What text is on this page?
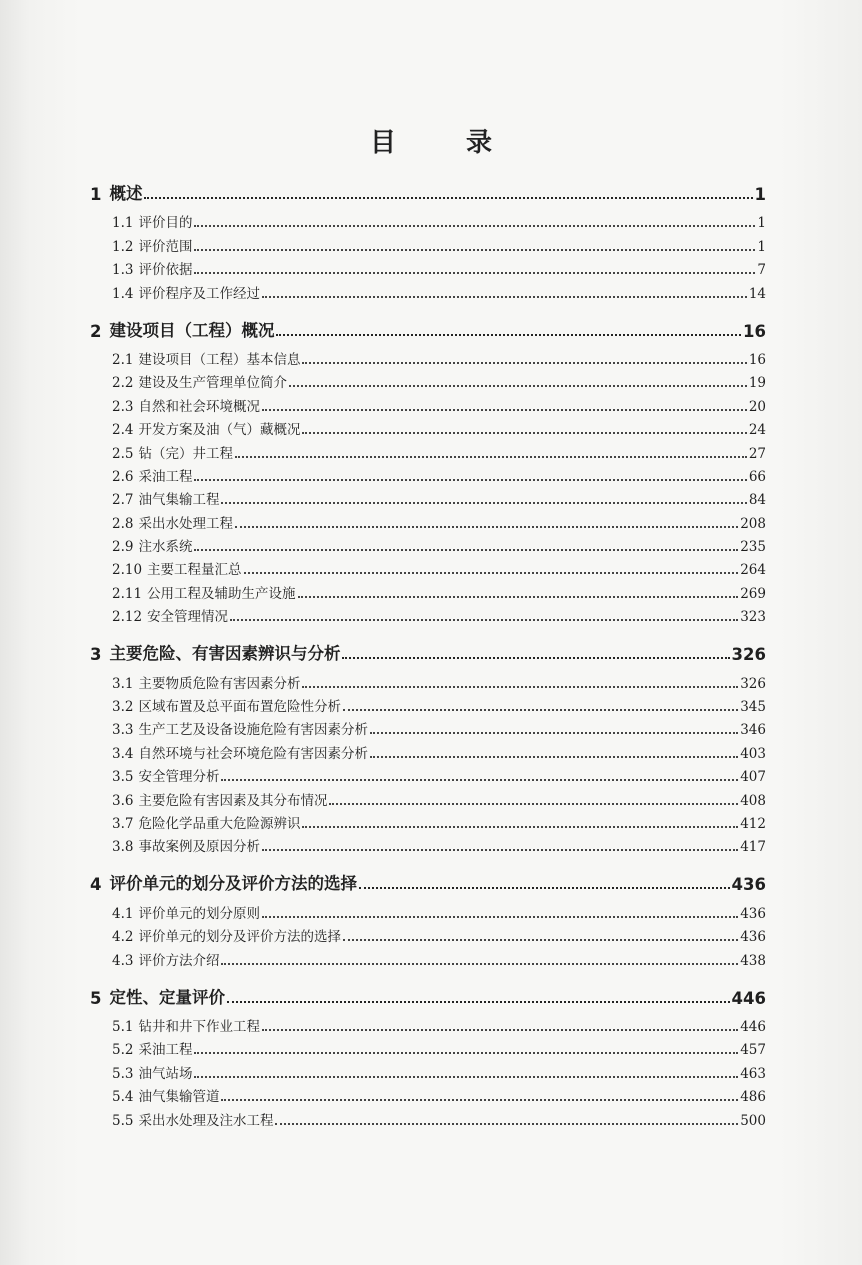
目　录
1 概述	1
1.1 评价目的	1
1.2 评价范围	1
1.3 评价依据	7
1.4 评价程序及工作经过	14
2 建设项目（工程）概况	16
2.1 建设项目（工程）基本信息	16
2.2 建设及生产管理单位简介	19
2.3 自然和社会环境概况	20
2.4 开发方案及油（气）藏概况	24
2.5 钻（完）井工程	27
2.6 采油工程	66
2.7 油气集输工程	84
2.8 采出水处理工程	208
2.9 注水系统	235
2.10 主要工程量汇总	264
2.11 公用工程及辅助生产设施	269
2.12 安全管理情况	323
3 主要危险、有害因素辨识与分析	326
3.1 主要物质危险有害因素分析	326
3.2 区域布置及总平面布置危险性分析	345
3.3 生产工艺及设备设施危险有害因素分析	346
3.4 自然环境与社会环境危险有害因素分析	403
3.5 安全管理分析	407
3.6 主要危险有害因素及其分布情况	408
3.7 危险化学品重大危险源辨识	412
3.8 事故案例及原因分析	417
4 评价单元的划分及评价方法的选择	436
4.1 评价单元的划分原则	436
4.2 评价单元的划分及评价方法的选择	436
4.3 评价方法介绍	438
5 定性、定量评价	446
5.1 钻井和井下作业工程	446
5.2 采油工程	457
5.3 油气站场	463
5.4 油气集输管道	486
5.5 采出水处理及注水工程	500
